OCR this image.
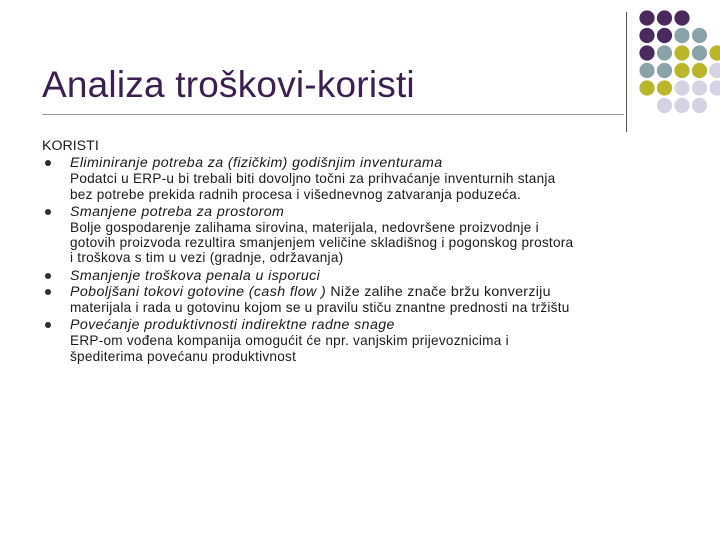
Analiza troškovi-koristi
KORISTI
Eliminiranje potreba za (fizičkim) godišnjim inventurama
Podatci u ERP-u bi trebali biti dovoljno točni za prihvaćanje inventurnih stanja
bez potrebe prekida radnih procesa i višednevnog zatvaranja poduzeća.
Smanjene potreba za prostorom
Bolje gospodarenje zalihama sirovina, materijala, nedovršene proizvodnje i
gotovih proizvoda rezultira smanjenjem veličine skladišnog i pogonskog prostora
i troškova s tim u vezi (gradnje, održavanja)
Smanjenje troškova penala u isporuci
Poboljšani tokovi gotovine (cash flow ) Niže zalihe znače bržu konverziju
materijala i rada u gotovinu kojom se u pravilu stiču znantne prednosti na tržištu
Povećanje produktivnosti indirektne radne snage
ERP-om vođena kompanija omogućit će npr. vanjskim prijevoznicima i
špediterima povećanu produktivnost
